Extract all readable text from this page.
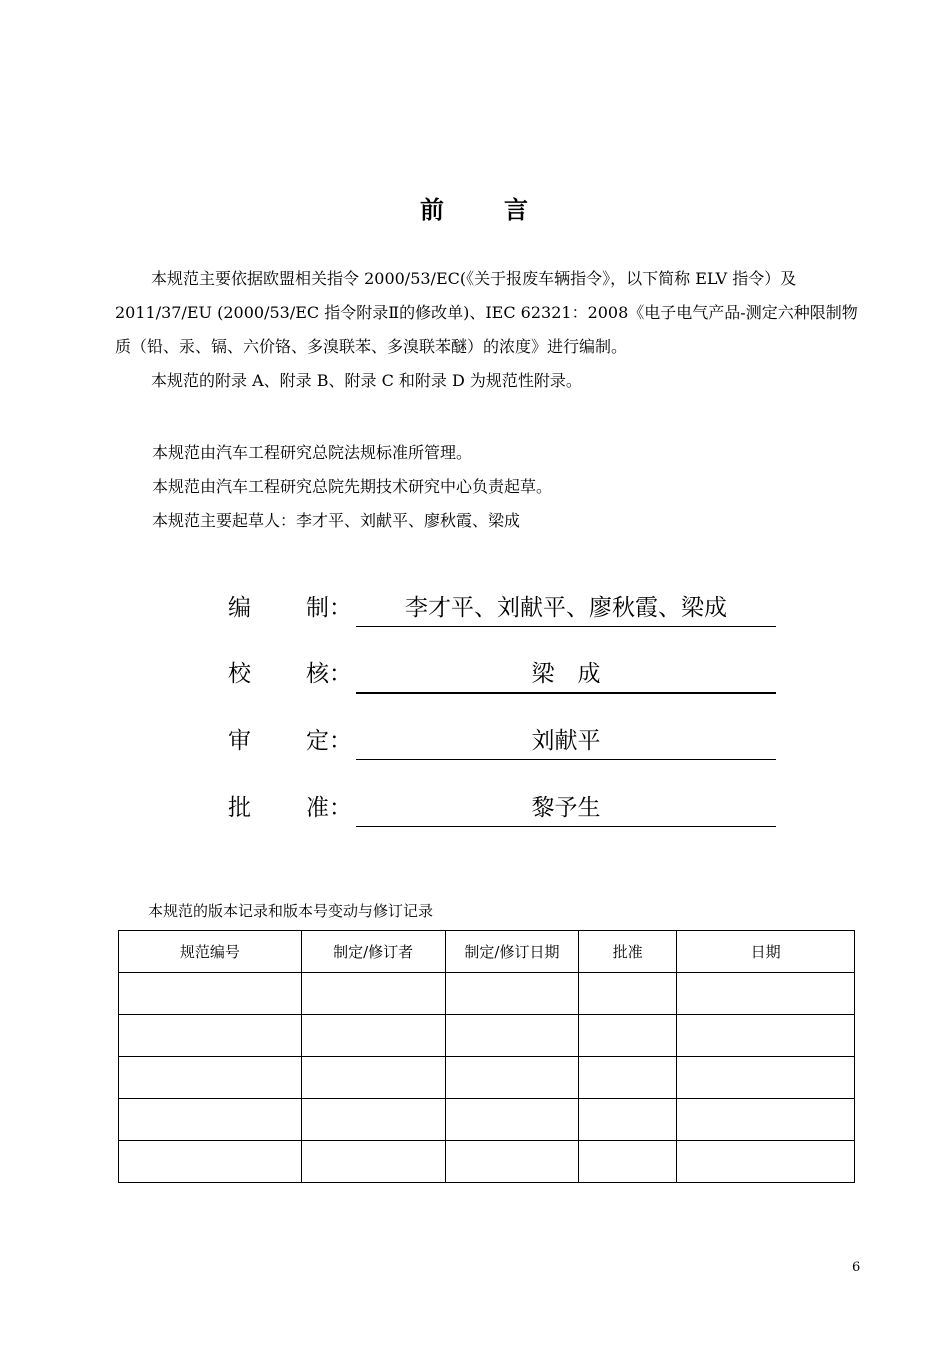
前 言

本规范主要依据欧盟相关指令 2000/53/EC(《关于报废车辆指令》，以下简称 ELV 指令）及 2011/37/EU (2000/53/EC 指令附录Ⅱ的修改单)、IEC 62321：2008《电子电气产品-测定六种限制物质（铅、汞、镉、六价铬、多溴联苯、多溴联苯醚）的浓度》进行编制。

本规范的附录 A、附录 B、附录 C 和附录 D 为规范性附录。

本规范由汽车工程研究总院法规标准所管理。

本规范由汽车工程研究总院先期技术研究中心负责起草。

本规范主要起草人：李才平、刘献平、廖秋霞、梁成

编 制：	李才平、刘献平、廖秋霞、梁成
校 核：	梁　成
审 定：	刘献平
批 准：	黎予生
本规范的版本记录和版本号变动与修订记录
规范编号	制定/修订者	制定/修订日期	批准	日期

6
